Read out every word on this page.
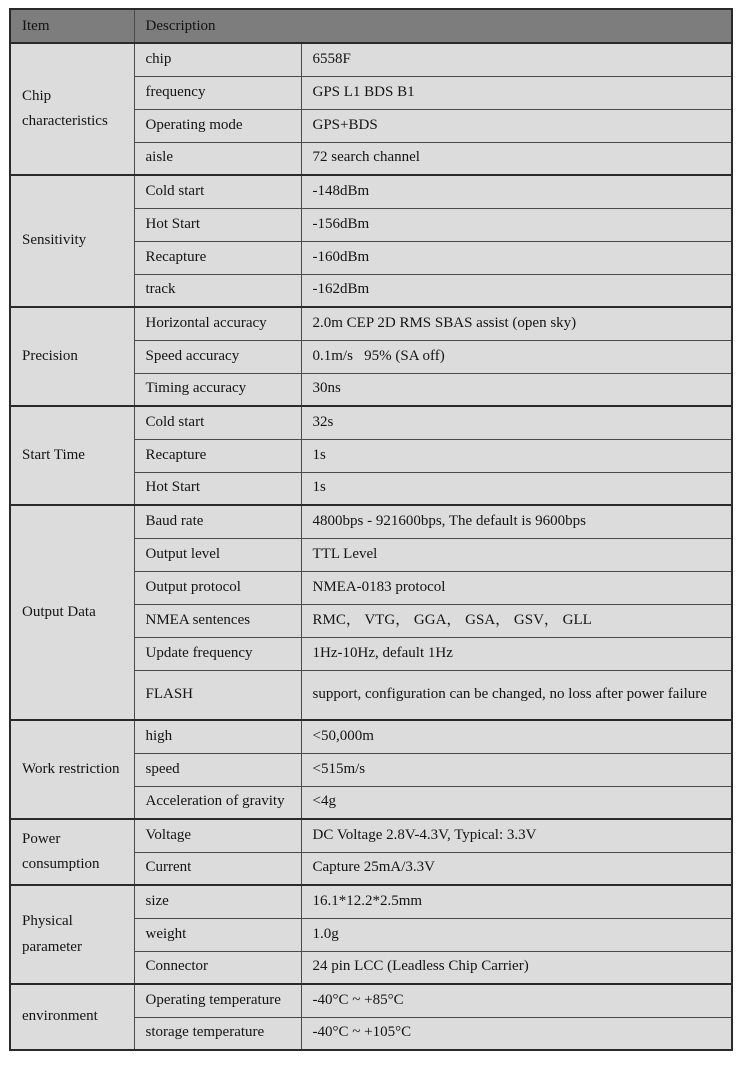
Item	Description	
Chip characteristics	chip	6558F
	frequency	GPS L1 BDS B1
	Operating mode	GPS+BDS
	aisle	72 search channel
Sensitivity	Cold start	-148dBm
	Hot Start	-156dBm
	Recapture	-160dBm
	track	-162dBm
Precision	Horizontal accuracy	2.0m CEP 2D RMS SBAS assist (open sky)
	Speed accuracy	0.1m/s   95% (SA off)
	Timing accuracy	30ns
Start Time	Cold start	32s
	Recapture	1s
	Hot Start	1s
Output Data	Baud rate	4800bps - 921600bps, The default is 9600bps
	Output level	TTL Level
	Output protocol	NMEA-0183 protocol
	NMEA sentences	RMC， VTG， GGA， GSA， GSV， GLL
	Update frequency	1Hz-10Hz, default 1Hz
	FLASH	support, configuration can be changed, no loss after power failure
Work restriction	high	<50,000m
	speed	<515m/s
	Acceleration of gravity	<4g
Power consumption	Voltage	DC Voltage 2.8V-4.3V, Typical: 3.3V
	Current	Capture 25mA/3.3V
Physical parameter	size	16.1*12.2*2.5mm
	weight	1.0g
	Connector	24 pin LCC (Leadless Chip Carrier)
environment	Operating temperature	-40°C ~ +85°C
	storage temperature	-40°C ~ +105°C
